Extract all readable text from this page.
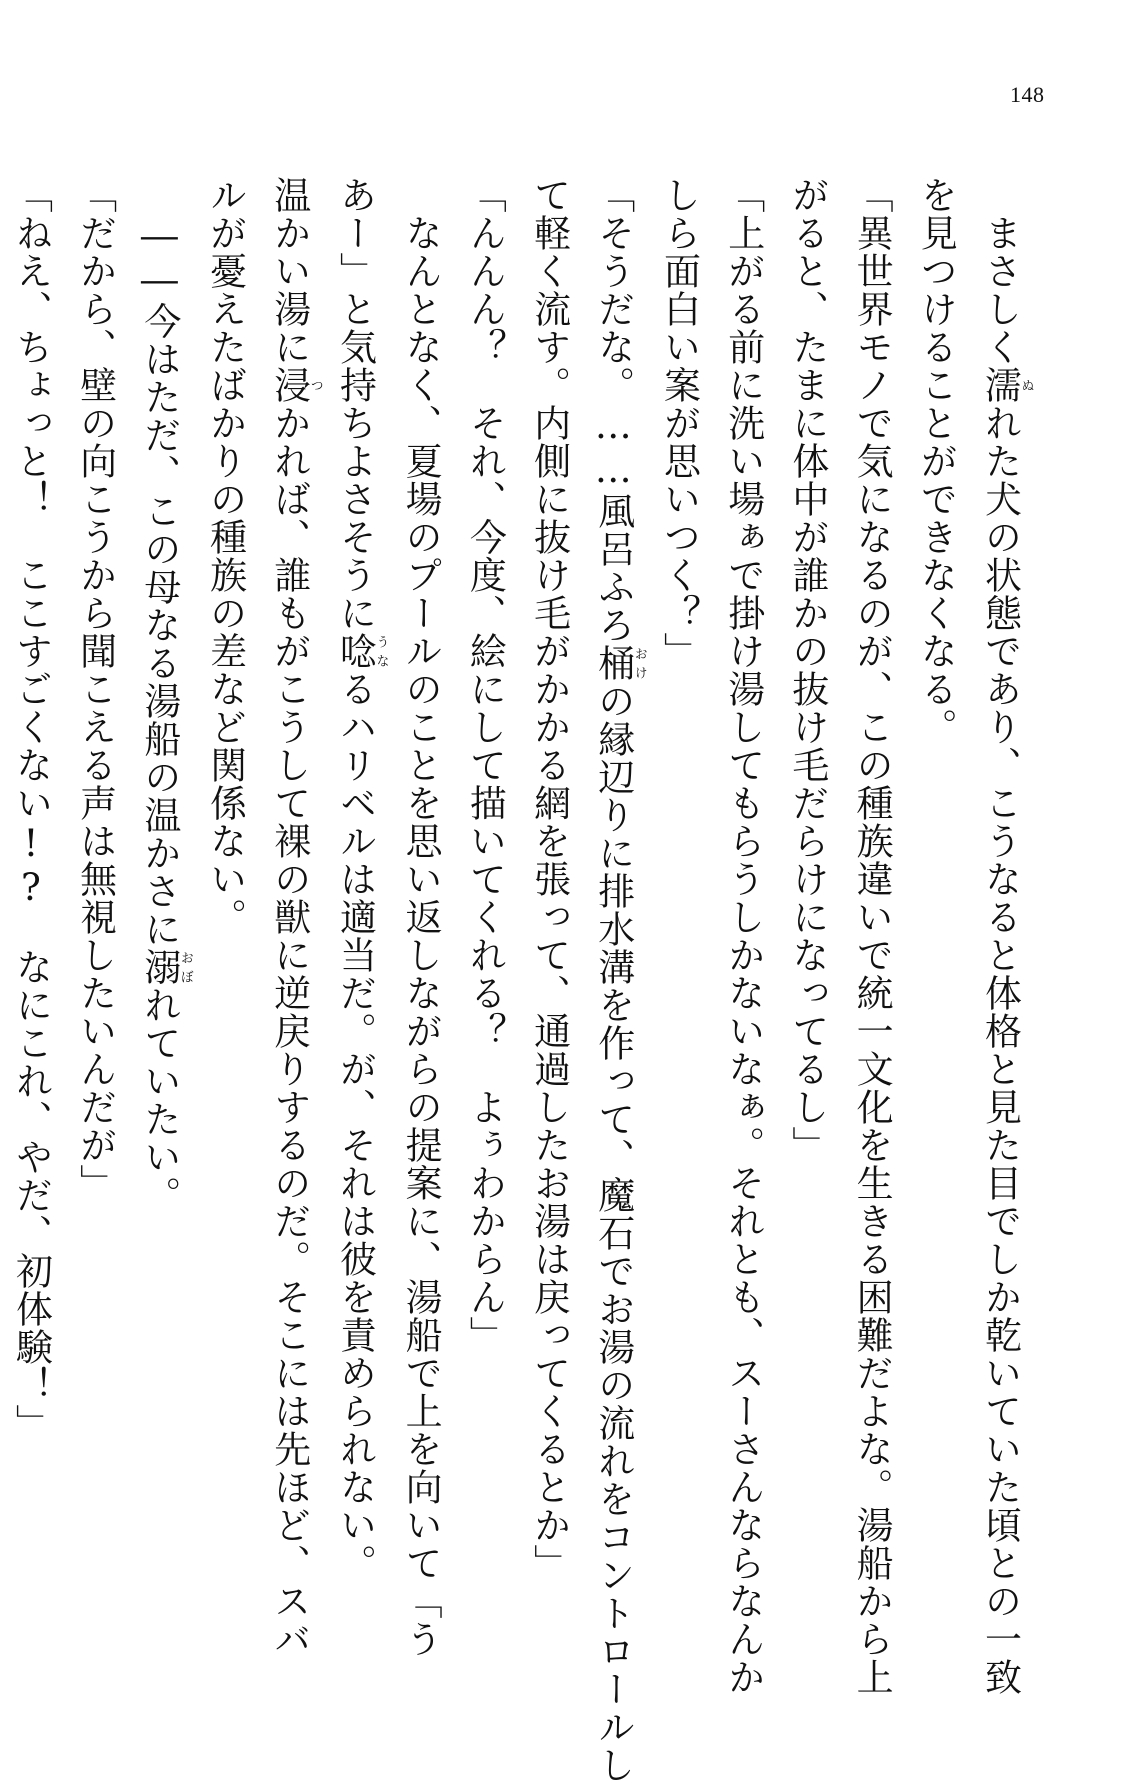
148
　まさしく濡ぬれた犬の状態であり、こうなると体格と見た目でしか乾いていた頃との一致
を見つけることができなくなる。
「異世界モノで気になるのが、この種族違いで統一文化を生きる困難だよな。湯船から上
がると、たまに体中が誰かの抜け毛だらけになってるし」
「上がる前に洗い場ぁで掛け湯してもらうしかないなぁ。それとも、スーさんならなんか
しら面白い案が思いつく？」
「そうだな。……風呂ふろ桶おけの縁辺りに排水溝を作って、魔石でお湯の流れをコントロールし
て軽く流す。内側に抜け毛がかかる網を張って、通過したお湯は戻ってくるとか」
「んんん？　それ、今度、絵にして描いてくれる？　よぅわからん」
　なんとなく、夏場のプールのことを思い返しながらの提案に、湯船で上を向いて「う
あー」と気持ちよさそうに唸うなるハリベルは適当だ。が、それは彼を責められない。
温かい湯に浸つかれば、誰もがこうして裸の獣に逆戻りするのだ。そこには先ほど、スバ
ルが憂えたばかりの種族の差など関係ない。
　――今はただ、この母なる湯船の温かさに溺おぼれていたい。
「だから、壁の向こうから聞こえる声は無視したいんだが」
「ねえ、ちょっと！　ここすごくない!?　なにこれ、やだ、初体験！」
